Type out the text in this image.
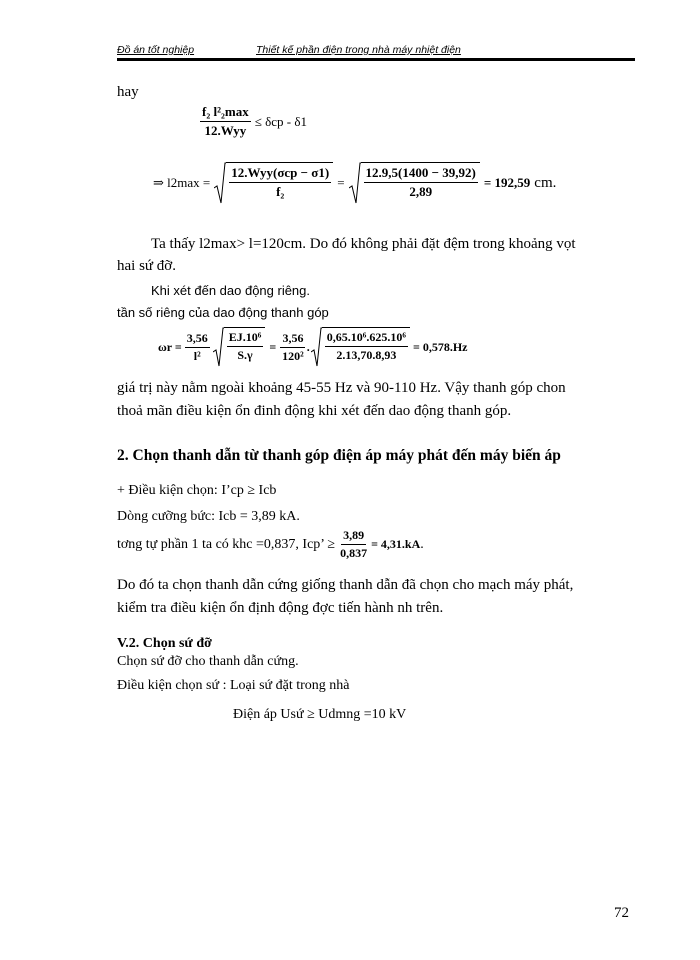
Đồ án tốt nghiệp	Thiết kế phần điện trong nhà máy nhiệt điện
hay
$\frac{\text{f₂ l²₂max}}{\text{12.Wyy}} \le \delta cp - \delta 1$
⇒ $l2\max = \frac{\text{12.Wyy(σcp − σ1)}}{\text{f₂}} = \frac{12.9,5(1400 - 39,92)}{2,89} = 192,59$ cm.
Ta thấy l2max> l=120cm. Do đó không phải đặt đệm trong khoảng vọt
hai sứ đỡ.
Khi xét đến dao động riêng.
tần số riêng của dao động thanh góp
$\omega r = \frac{3,56}{\text{l²}} \frac{\text{EJ.10⁶}}{S.\gamma} = \frac{3,56}{\text{120²}}$ . $\frac{\text{0,65.10⁶.625.10⁶}}{2.13,70.8,93} = 0,578.Hz$
giá trị này nằm ngoài khoảng 45-55 Hz và 90-110 Hz. Vậy thanh góp chon
thoả mãn điều kiện ổn đinh động khi xét đến dao động thanh góp.
2. Chọn thanh dẫn từ thanh góp điện áp máy phát đến máy biến áp
+ Điều kiện chọn: I’cp ≥ Icb
Dòng cưỡng bức: Icb = 3,89 kA.
tơng tự phần 1 ta có khc =0,837, Icp’ ≥ $\frac{3,89}{0,837} = 4,31.kA$ .
Do đó ta chọn thanh dẫn cứng giống thanh dẫn đã chọn cho mạch máy phát,
kiểm tra điều kiện ổn định động đợc tiến hành nh trên.
V.2. Chọn sứ đỡ
Chọn sứ đỡ cho thanh dẫn cứng.
Điều kiện chọn sứ : Loại sứ đặt trong nhà
Điện áp Usứ ≥ Udmng =10 kV
72
